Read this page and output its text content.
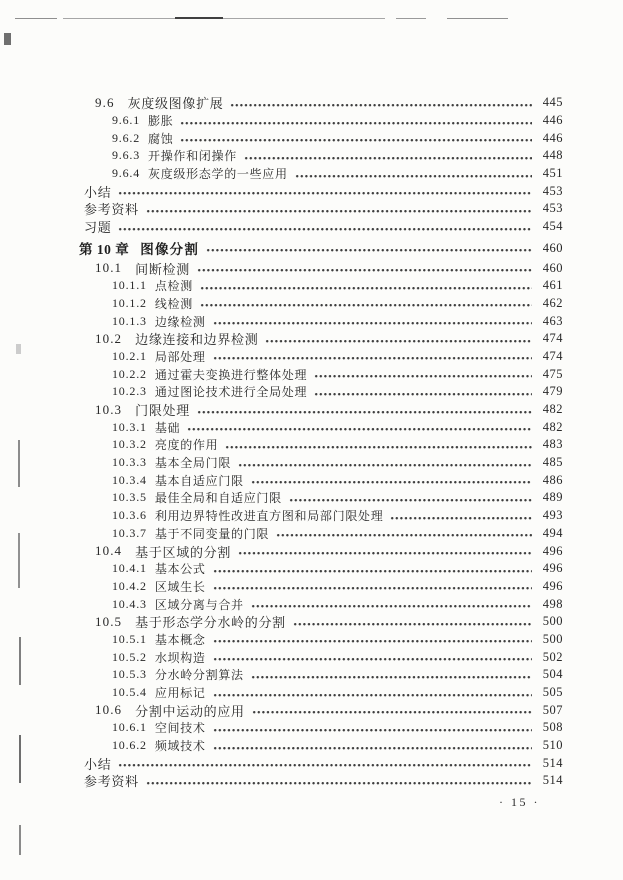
9.6 灰度级图像扩展	445
9.6.1 膨胀	446
9.6.2 腐蚀	446
9.6.3 开操作和闭操作	448
9.6.4 灰度级形态学的一些应用	451
小结	453
参考资料	453
习题	454
第 10 章 图像分割	460
10.1 间断检测	460
10.1.1 点检测	461
10.1.2 线检测	462
10.1.3 边缘检测	463
10.2 边缘连接和边界检测	474
10.2.1 局部处理	474
10.2.2 通过霍夫变换进行整体处理	475
10.2.3 通过图论技术进行全局处理	479
10.3 门限处理	482
10.3.1 基础	482
10.3.2 亮度的作用	483
10.3.3 基本全局门限	485
10.3.4 基本自适应门限	486
10.3.5 最佳全局和自适应门限	489
10.3.6 利用边界特性改进直方图和局部门限处理	493
10.3.7 基于不同变量的门限	494
10.4 基于区域的分割	496
10.4.1 基本公式	496
10.4.2 区域生长	496
10.4.3 区域分离与合并	498
10.5 基于形态学分水岭的分割	500
10.5.1 基本概念	500
10.5.2 水坝构造	502
10.5.3 分水岭分割算法	504
10.5.4 应用标记	505
10.6 分割中运动的应用	507
10.6.1 空间技术	508
10.6.2 频域技术	510
小结	514
参考资料	514
· 15 ·
